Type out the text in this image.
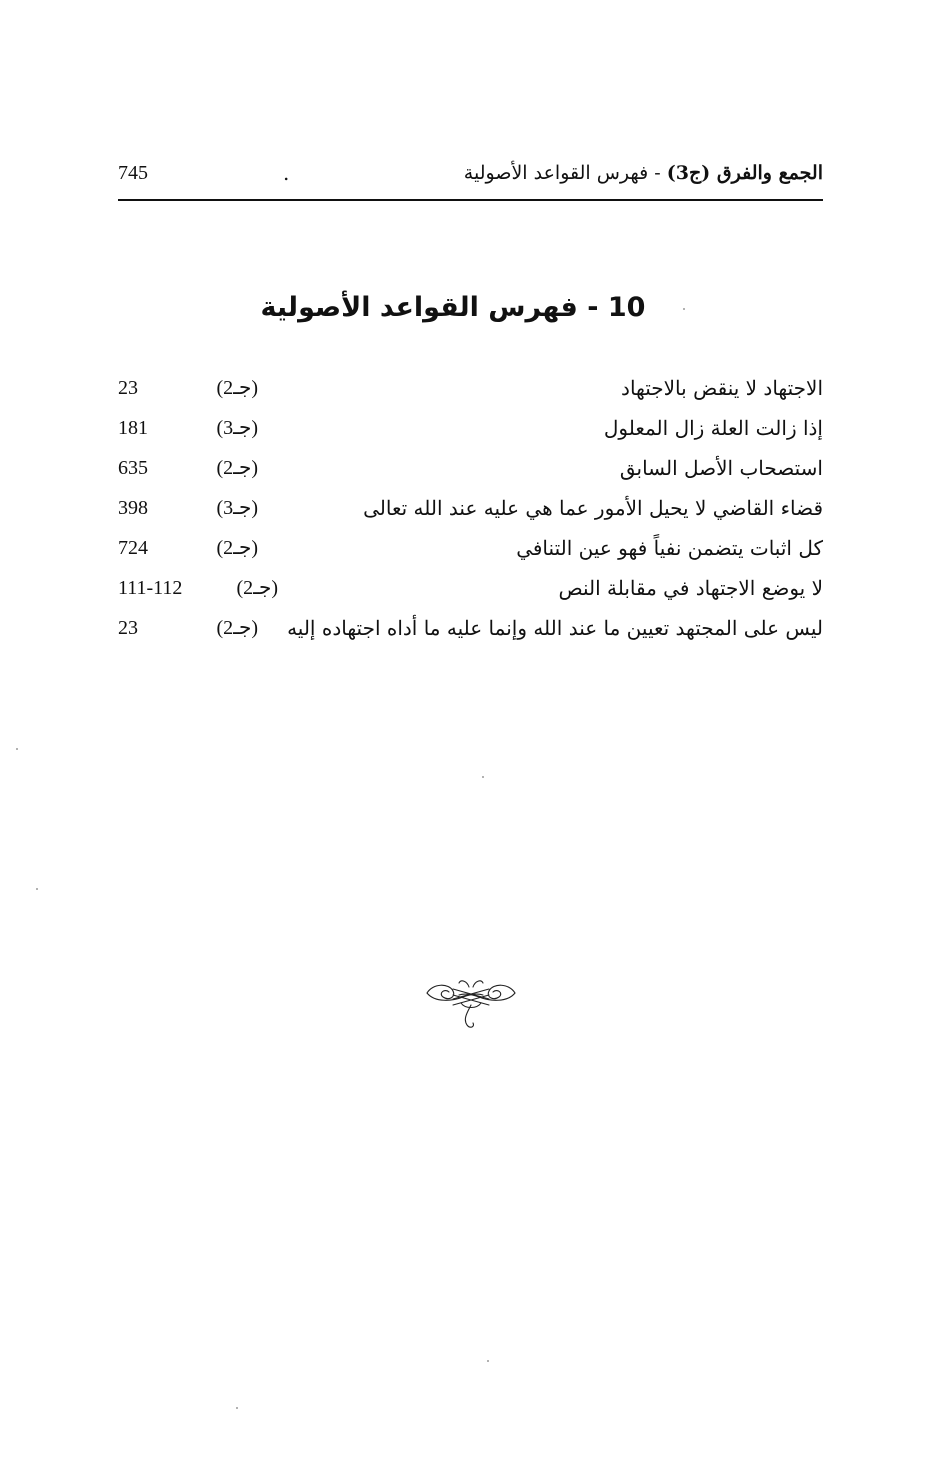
الجمع والفرق (ج3) - فهرس القواعد الأصولية
.
745
10 - فهرس القواعد الأصولية
الاجتهاد لا ينقض بالاجتهاد
23	(جـ2)
إذا زالت العلة زال المعلول
181	(جـ3)
استصحاب الأصل السابق
635	(جـ2)
قضاء القاضي لا يحيل الأمور عما هي عليه عند الله تعالى
398	(جـ3)
كل اثبات يتضمن نفياً فهو عين التنافي
724	(جـ2)
لا يوضع الاجتهاد في مقابلة النص
111-112	(جـ2)
ليس على المجتهد تعيين ما عند الله وإنما عليه ما أداه اجتهاده إليه
23	(جـ2)
